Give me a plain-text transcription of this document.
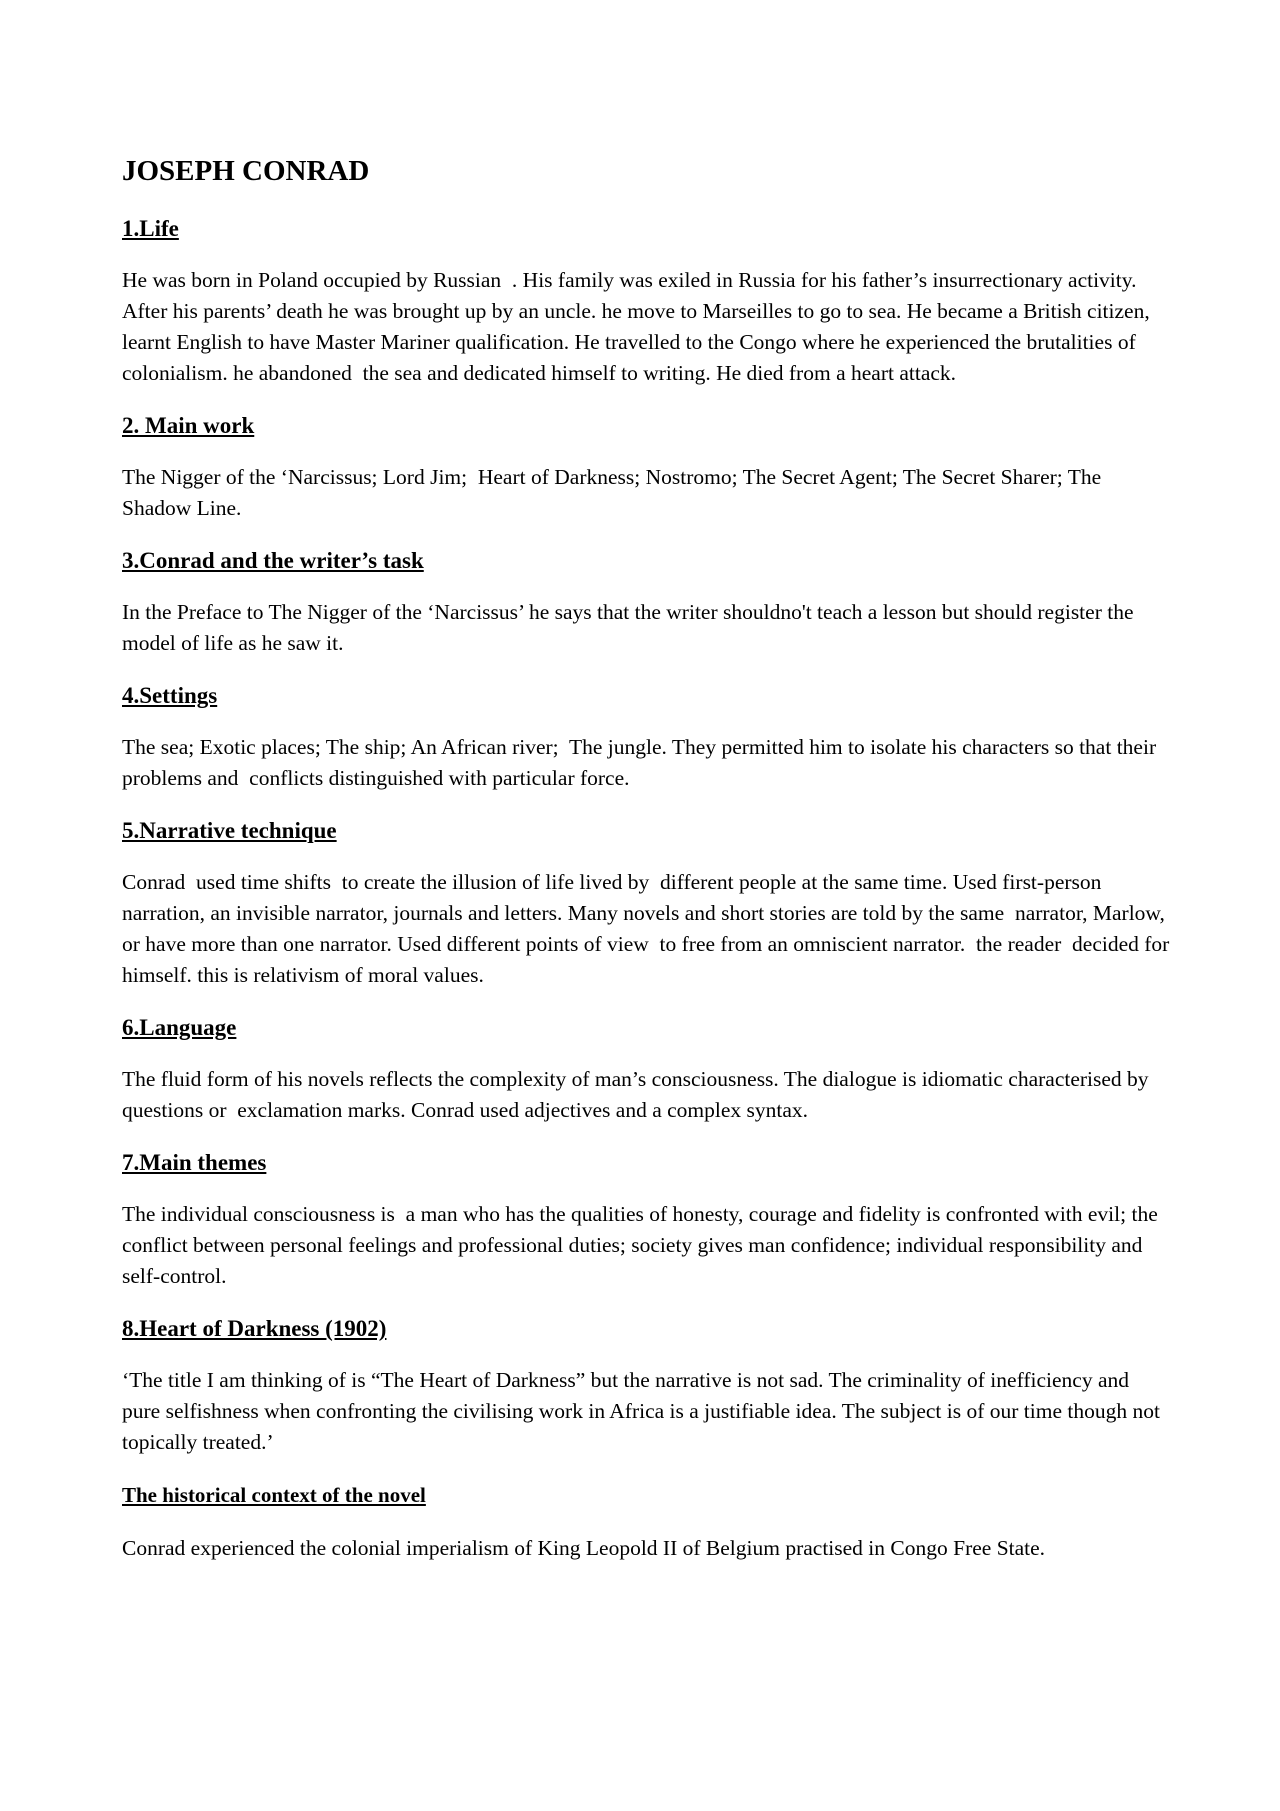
JOSEPH CONRAD
1.Life

He was born in Poland occupied by Russian  . His family was exiled in Russia for his father’s insurrectionary activity. After his parents’ death he was brought up by an uncle. he move to Marseilles to go to sea. He became a British citizen, learnt English to have Master Mariner qualification. He travelled to the Congo where he experienced the brutalities of colonialism. he abandoned  the sea and dedicated himself to writing. He died from a heart attack.

2. Main work

The Nigger of the ‘Narcissus; Lord Jim;  Heart of Darkness; Nostromo; The Secret Agent; The Secret Sharer; The Shadow Line.

3.Conrad and the writer’s task

In the Preface to The Nigger of the ‘Narcissus’ he says that the writer shouldno't teach a lesson but should register the model of life as he saw it.

4.Settings

The sea; Exotic places; The ship; An African river;  The jungle. They permitted him to isolate his characters so that their problems and  conflicts distinguished with particular force.

5.Narrative technique

Conrad  used time shifts  to create the illusion of life lived by  different people at the same time. Used first-person narration, an invisible narrator, journals and letters. Many novels and short stories are told by the same  narrator, Marlow, or have more than one narrator. Used different points of view  to free from an omniscient narrator.  the reader  decided for himself. this is relativism of moral values.

6.Language

The fluid form of his novels reflects the complexity of man’s consciousness. The dialogue is idiomatic characterised by questions or  exclamation marks. Conrad used adjectives and a complex syntax.

7.Main themes

The individual consciousness is  a man who has the qualities of honesty, courage and fidelity is confronted with evil; the conflict between personal feelings and professional duties; society gives man confidence; individual responsibility and self-control.

8.Heart of Darkness (1902)

‘The title I am thinking of is “The Heart of Darkness” but the narrative is not sad. The criminality of inefficiency and pure selfishness when confronting the civilising work in Africa is a justifiable idea. The subject is of our time though not topically treated.’

The historical context of the novel

Conrad experienced the colonial imperialism of King Leopold II of Belgium practised in Congo Free State.
